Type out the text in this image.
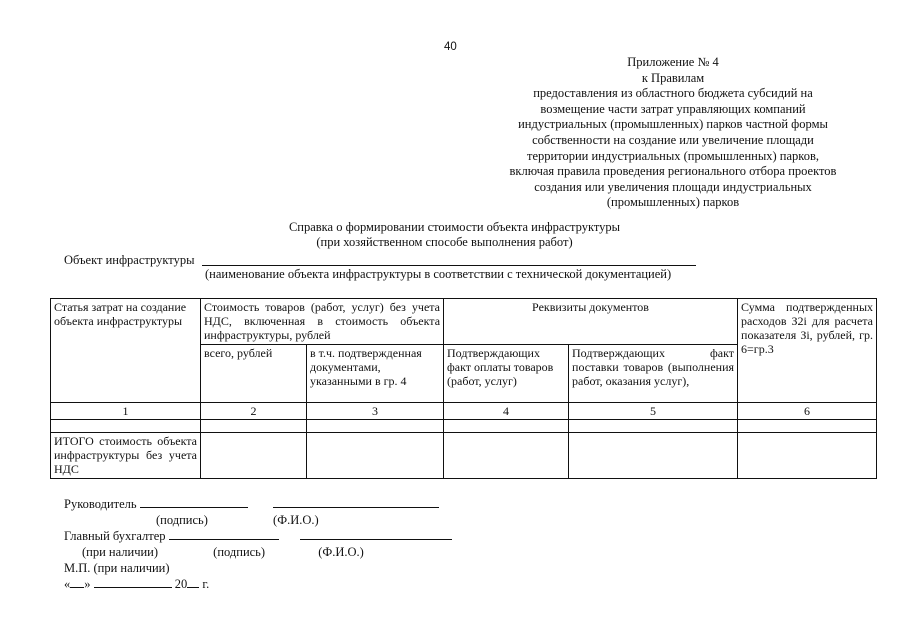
40
Приложение № 4
к Правилам
предоставления из областного бюджета субсидий на
возмещение части затрат управляющих компаний
индустриальных (промышленных) парков частной формы
собственности на создание или увеличение площади
территории индустриальных (промышленных) парков,
включая правила проведения регионального отбора проектов
создания или увеличения площади индустриальных
(промышленных) парков
Справка о формировании стоимости объекта инфраструктуры
(при хозяйственном способе выполнения работ)
Объект инфраструктуры
(наименование объекта инфраструктуры в соответствии с технической документацией)
Статья затрат на создание объекта инфраструктуры	Стоимость товаров (работ, услуг) без учета НДС, включенная в стоимость объекта инфраструктуры, рублей		Реквизиты документов		Сумма подтвержденных расходов З2i для расчета показателя Зi, рублей, гр. 6=гр.3
	всего, рублей	в т.ч. подтвержденная документами, указанными в гр. 4	Подтверждающих факт оплаты товаров (работ, услуг)	Подтверждающих факт поставки товаров (выполнения работ, оказания услуг),	
1	2	3	4	5	6

ИТОГО стоимость объекта инфраструктуры без учета НДС					
Руководитель
(подпись)	(Ф.И.О.)
Главный бухгалтер
(при наличии)	(подпись)	(Ф.И.О.)
М.П. (при наличии)
« »	20 г.
